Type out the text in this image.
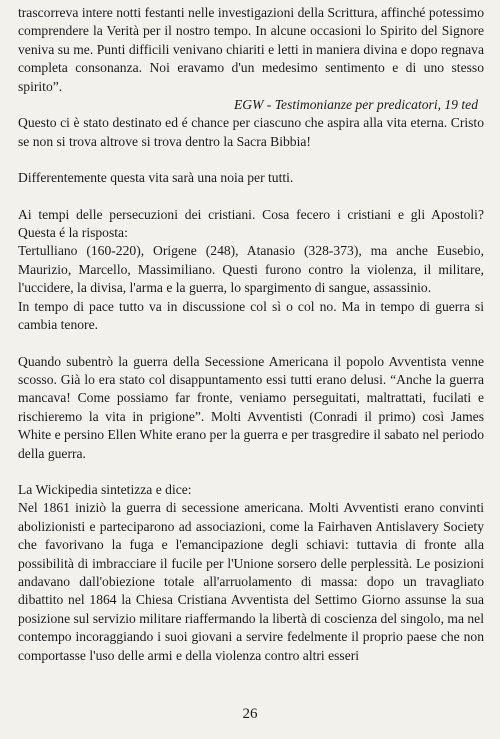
trascorreva intere notti festanti nelle investigazioni della Scrittura, affinché potessimo comprendere la Verità per il nostro tempo. In alcune occasioni lo Spirito del Signore veniva su me. Punti difficili venivano chiariti e letti in maniera divina e dopo regnava completa consonanza. Noi eravamo d'un medesimo sentimento e di uno stesso spirito”.

EGW - Testimonianze per predicatori, 19 ted

Questo ci è stato destinato ed é chance per ciascuno che aspira alla vita eterna. Cristo se non si trova altrove si trova dentro la Sacra Bibbia!

Differentemente questa vita sarà una noia per tutti.

Ai tempi delle persecuzioni dei cristiani. Cosa fecero i cristiani e gli Apostoli? Questa é la risposta:

Tertulliano (160-220), Origene (248), Atanasio (328-373), ma anche Eusebio, Maurizio, Marcello, Massimiliano. Questi furono contro la violenza, il militare, l'uccidere, la divisa, l'arma e la guerra, lo spargimento di sangue, assassinio.

In tempo di pace tutto va in discussione col sì o col no. Ma in tempo di guerra si cambia tenore.

Quando subentrò la guerra della Secessione Americana il popolo Avventista venne scosso. Già lo era stato col disappuntamento essi tutti erano delusi. “Anche la guerra mancava! Come possiamo far fronte, veniamo perseguitati, maltrattati, fucilati e rischieremo la vita in prigione”. Molti Avventisti (Conradi il primo) così James White e persino Ellen White erano per la guerra e per trasgredire il sabato nel periodo della guerra.

La Wickipedia sintetizza e dice:

Nel 1861 iniziò la guerra di secessione americana. Molti Avventisti erano convinti abolizionisti e parteciparono ad associazioni, come la Fairhaven Antislavery Society che favorivano la fuga e l'emancipazione degli schiavi: tuttavia di fronte alla possibilità di imbracciare il fucile per l'Unione sorsero delle perplessità. Le posizioni andavano dall'obiezione totale all'arruolamento di massa: dopo un travagliato dibattito nel 1864 la Chiesa Cristiana Avventista del Settimo Giorno assunse la sua posizione sul servizio militare riaffermando la libertà di coscienza del singolo, ma nel contempo incoraggiando i suoi giovani a servire fedelmente il proprio paese che non comportasse l'uso delle armi e della violenza contro altri esseri

26
